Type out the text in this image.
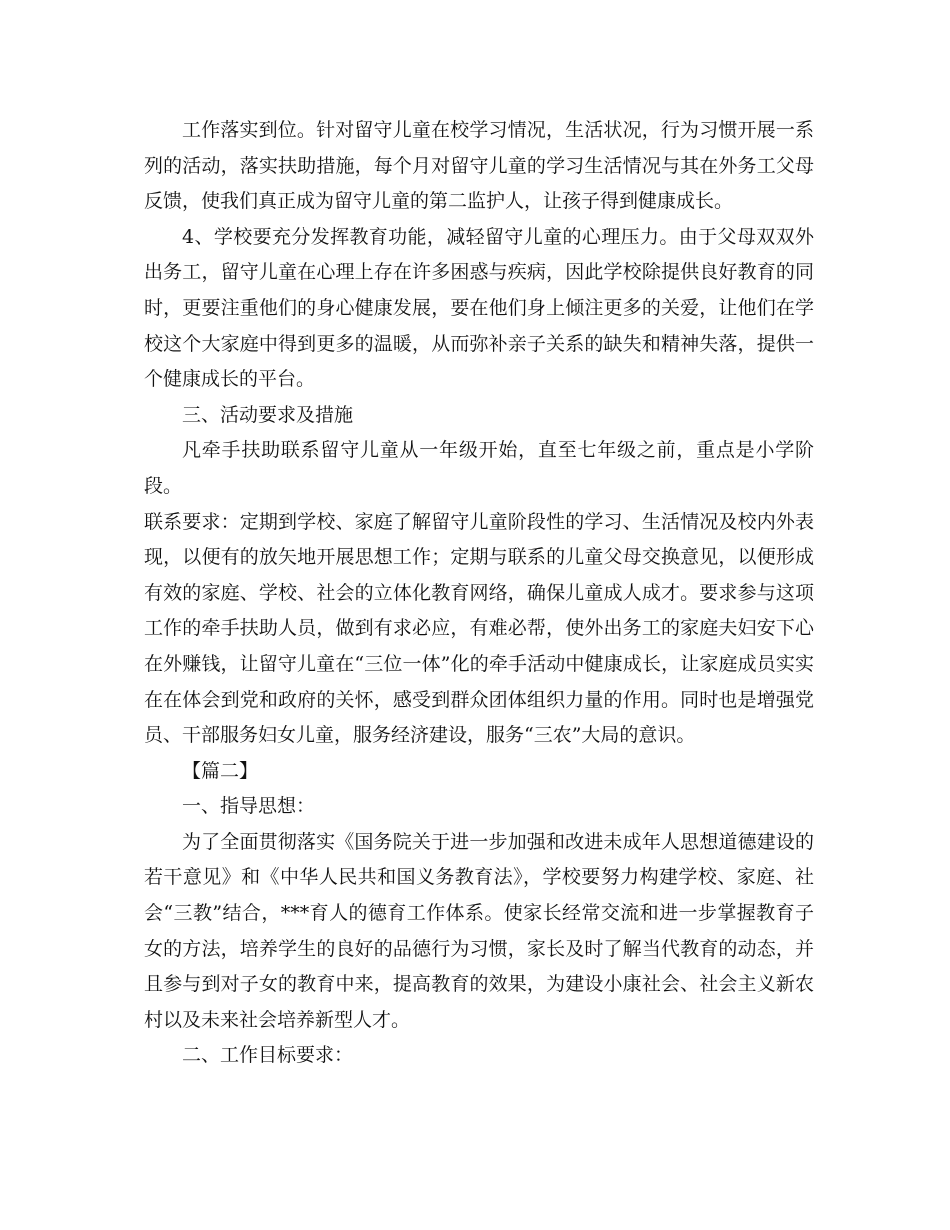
工作落实到位。针对留守儿童在校学习情况，生活状况，行为习惯开展一系列的活动，落实扶助措施，每个月对留守儿童的学习生活情况与其在外务工父母反馈，使我们真正成为留守儿童的第二监护人，让孩子得到健康成长。

4、学校要充分发挥教育功能，减轻留守儿童的心理压力。由于父母双双外出务工，留守儿童在心理上存在许多困惑与疾病，因此学校除提供良好教育的同时，更要注重他们的身心健康发展，要在他们身上倾注更多的关爱，让他们在学校这个大家庭中得到更多的温暖，从而弥补亲子关系的缺失和精神失落，提供一个健康成长的平台。

三、活动要求及措施

凡牵手扶助联系留守儿童从一年级开始，直至七年级之前，重点是小学阶段。

联系要求：定期到学校、家庭了解留守儿童阶段性的学习、生活情况及校内外表现，以便有的放矢地开展思想工作；定期与联系的儿童父母交换意见，以便形成有效的家庭、学校、社会的立体化教育网络，确保儿童成人成才。要求参与这项工作的牵手扶助人员，做到有求必应，有难必帮，使外出务工的家庭夫妇安下心在外赚钱，让留守儿童在“三位一体”化的牵手活动中健康成长，让家庭成员实实在在体会到党和政府的关怀，感受到群众团体组织力量的作用。同时也是增强党员、干部服务妇女儿童，服务经济建设，服务“三农”大局的意识。

【篇二】

一、指导思想：

为了全面贯彻落实《国务院关于进一步加强和改进未成年人思想道德建设的若干意见》和《中华人民共和国义务教育法》，学校要努力构建学校、家庭、社会“三教”结合，***育人的德育工作体系。使家长经常交流和进一步掌握教育子女的方法，培养学生的良好的品德行为习惯，家长及时了解当代教育的动态，并且参与到对子女的教育中来，提高教育的效果，为建设小康社会、社会主义新农村以及未来社会培养新型人才。

二、工作目标要求：
